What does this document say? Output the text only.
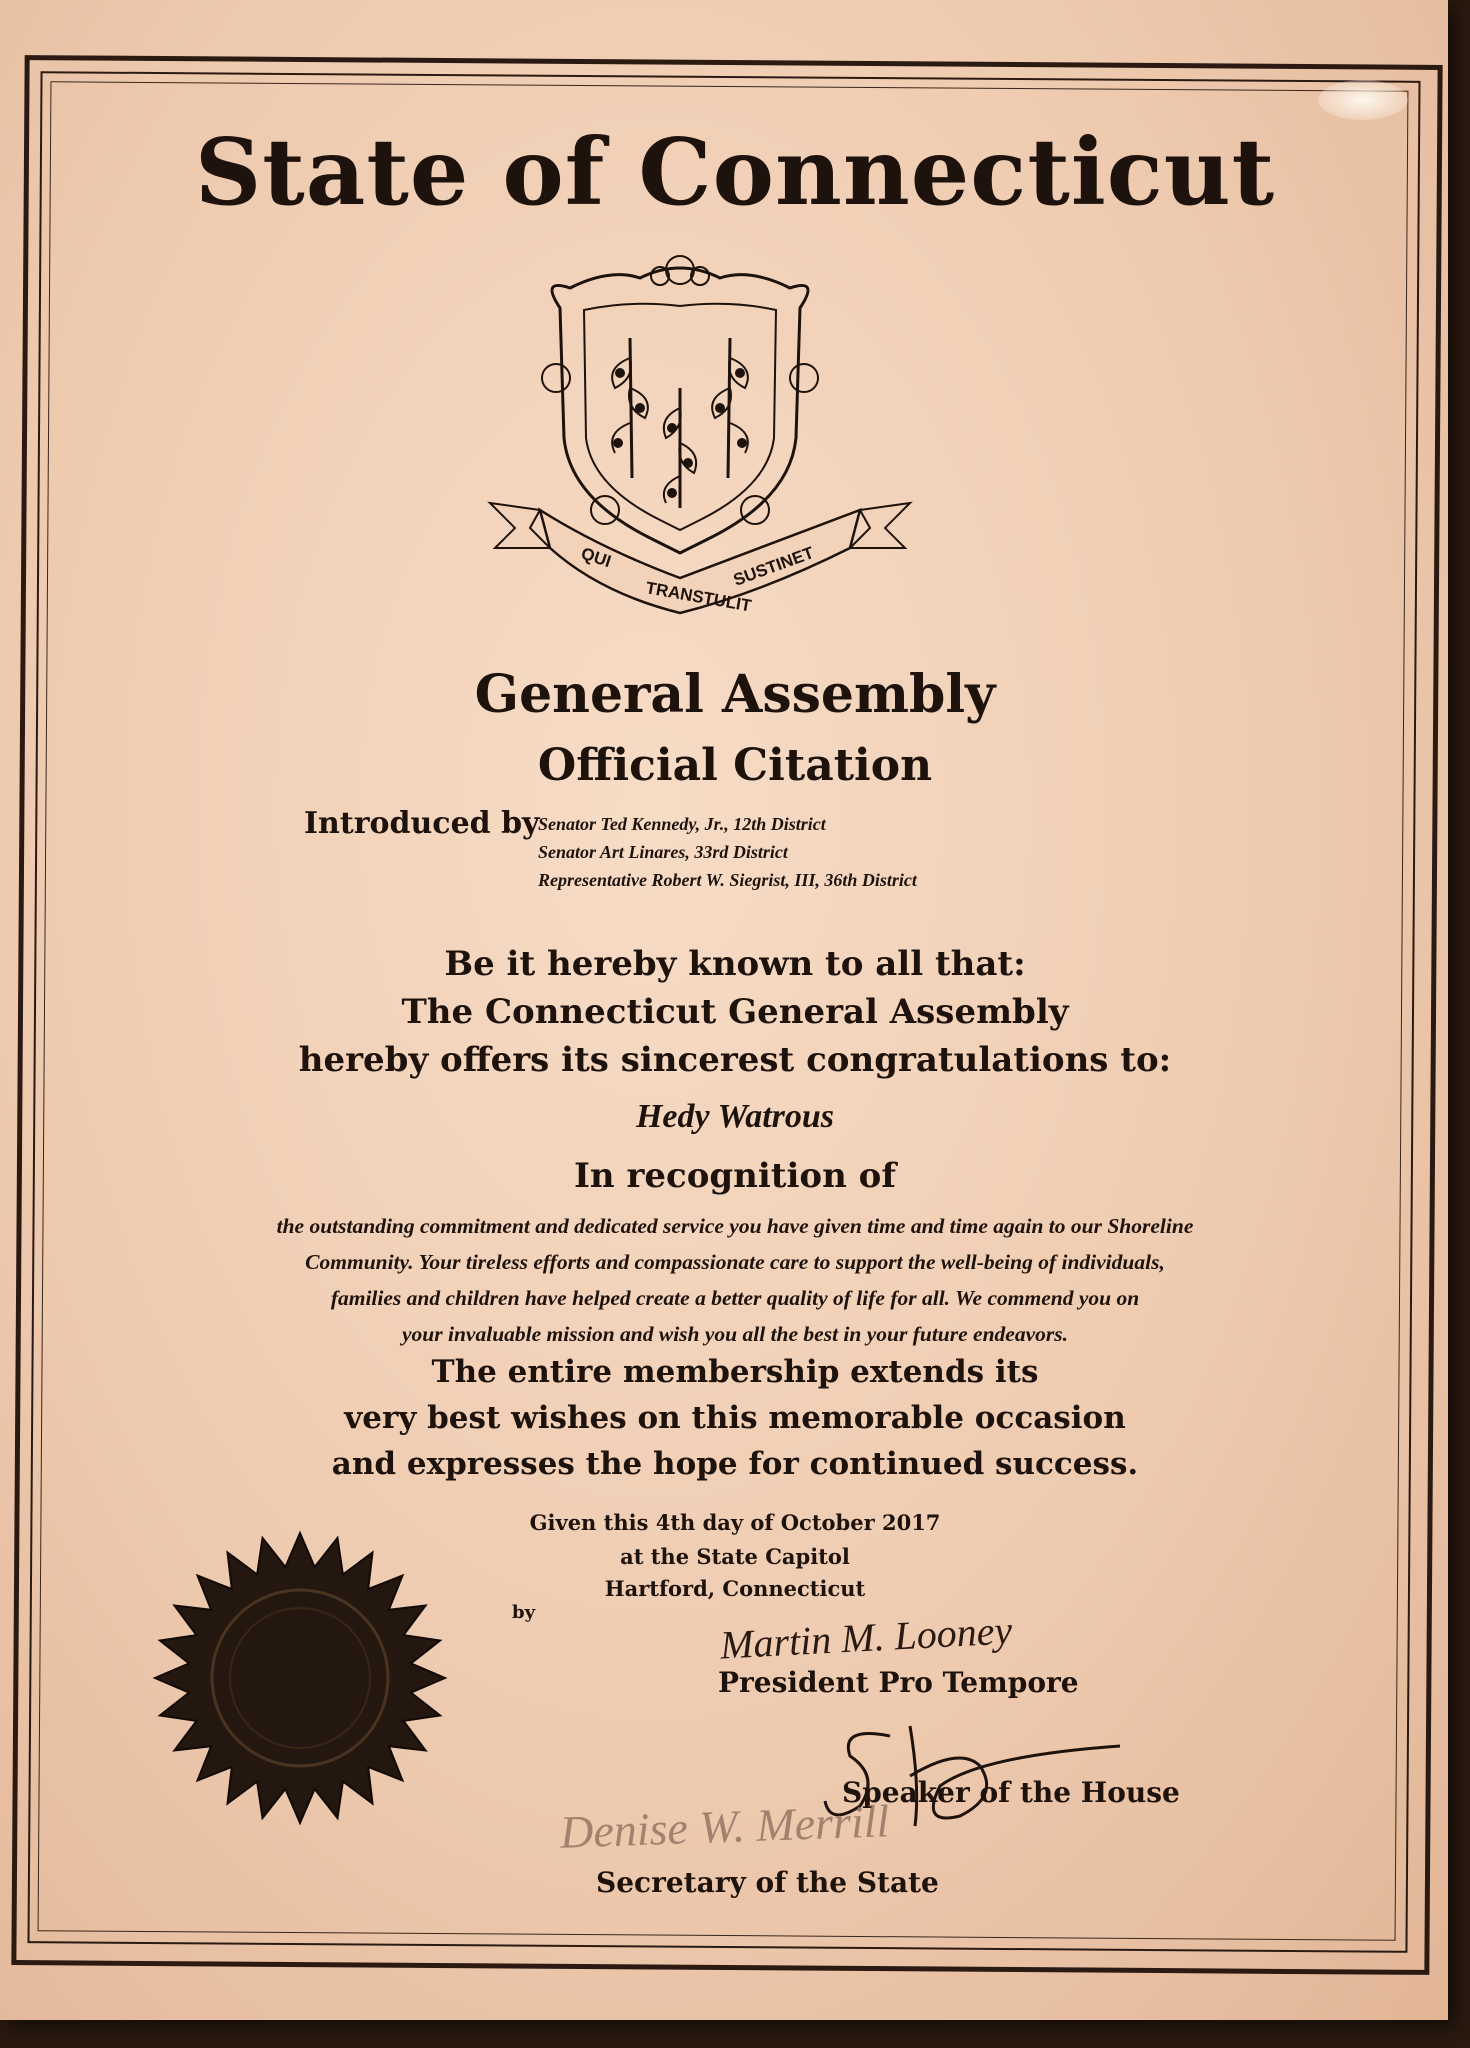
State of Connecticut
QUI
TRANSTULIT
SUSTINET
General Assembly
Official Citation
Introduced by
Senator Ted Kennedy, Jr., 12th District
Senator Art Linares, 33rd District
Representative Robert W. Siegrist, III, 36th District
Be it hereby known to all that:
The Connecticut General Assembly
hereby offers its sincerest congratulations to:
Hedy Watrous
In recognition of
the outstanding commitment and dedicated service you have given time and time again to our Shoreline
Community. Your tireless efforts and compassionate care to support the well-being of individuals,
families and children have helped create a better quality of life for all. We commend you on
your invaluable mission and wish you all the best in your future endeavors.
The entire membership extends its
very best wishes on this memorable occasion
and expresses the hope for continued success.
Given this 4th day of October 2017
at the State Capitol
Hartford, Connecticut
by	Martin M. Looney
President Pro Tempore
Speaker of the House
Denise W. Merrill
Secretary of the State
